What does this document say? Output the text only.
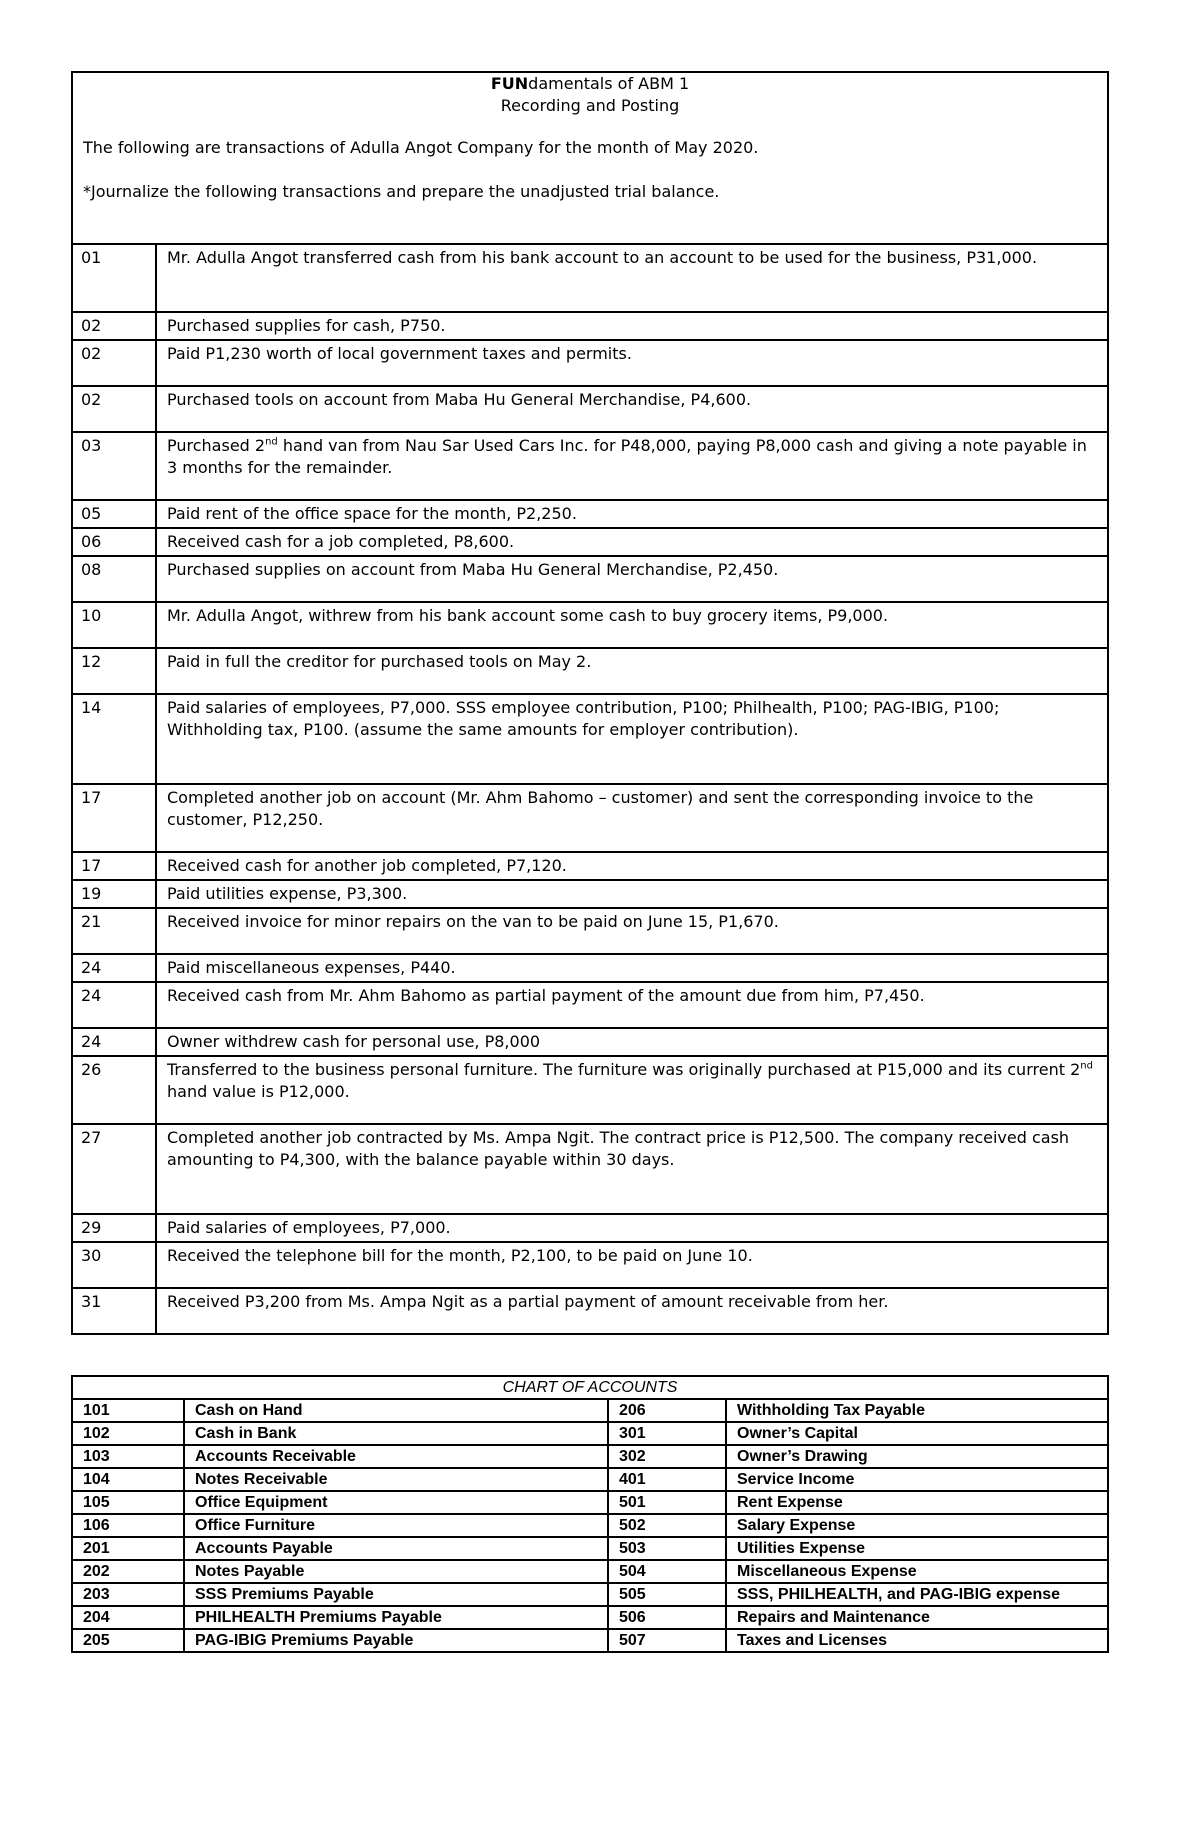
FUNdamentals of ABM 1
Recording and Posting
The following are transactions of Adulla Angot Company for the month of May 2020.
*Journalize the following transactions and prepare the unadjusted trial balance.	

01	Mr. Adulla Angot transferred cash from his bank account to an account to be used for the business, P31,000.
02	Purchased supplies for cash, P750.
02	Paid P1,230 worth of local government taxes and permits.
02	Purchased tools on account from Maba Hu General Merchandise, P4,600.
03	Purchased 2nd hand van from Nau Sar Used Cars Inc. for P48,000, paying P8,000 cash and giving a note payable in 3 months for the remainder.
05	Paid rent of the office space for the month, P2,250.
06	Received cash for a job completed, P8,600.
08	Purchased supplies on account from Maba Hu General Merchandise, P2,450.
10	Mr. Adulla Angot, withrew from his bank account some cash to buy grocery items, P9,000.
12	Paid in full the creditor for purchased tools on May 2.
14	Paid salaries of employees, P7,000. SSS employee contribution, P100; Philhealth, P100; PAG-IBIG, P100; Withholding tax, P100. (assume the same amounts for employer contribution).
17	Completed another job on account (Mr. Ahm Bahomo – customer) and sent the corresponding invoice to the customer, P12,250.
17	Received cash for another job completed, P7,120.
19	Paid utilities expense, P3,300.
21	Received invoice for minor repairs on the van to be paid on June 15, P1,670.
24	Paid miscellaneous expenses, P440.
24	Received cash from Mr. Ahm Bahomo as partial payment of the amount due from him, P7,450.
24	Owner withdrew cash for personal use, P8,000
26	Transferred to the business personal furniture. The furniture was originally purchased at P15,000 and its current 2nd hand value is P12,000.
27	Completed another job contracted by Ms. Ampa Ngit. The contract price is P12,500. The company received cash amounting to P4,300, with the balance payable within 30 days.
29	Paid salaries of employees, P7,000.
30	Received the telephone bill for the month, P2,100, to be paid on June 10.
31	Received P3,200 from Ms. Ampa Ngit as a partial payment of amount receivable from her.
CHART OF ACCOUNTS			
101	Cash on Hand	206	Withholding Tax Payable
102	Cash in Bank	301	Owner’s Capital
103	Accounts Receivable	302	Owner’s Drawing
104	Notes Receivable	401	Service Income
105	Office Equipment	501	Rent Expense
106	Office Furniture	502	Salary Expense
201	Accounts Payable	503	Utilities Expense
202	Notes Payable	504	Miscellaneous Expense
203	SSS Premiums Payable	505	SSS, PHILHEALTH, and PAG-IBIG expense
204	PHILHEALTH Premiums Payable	506	Repairs and Maintenance
205	PAG-IBIG Premiums Payable	507	Taxes and Licenses
